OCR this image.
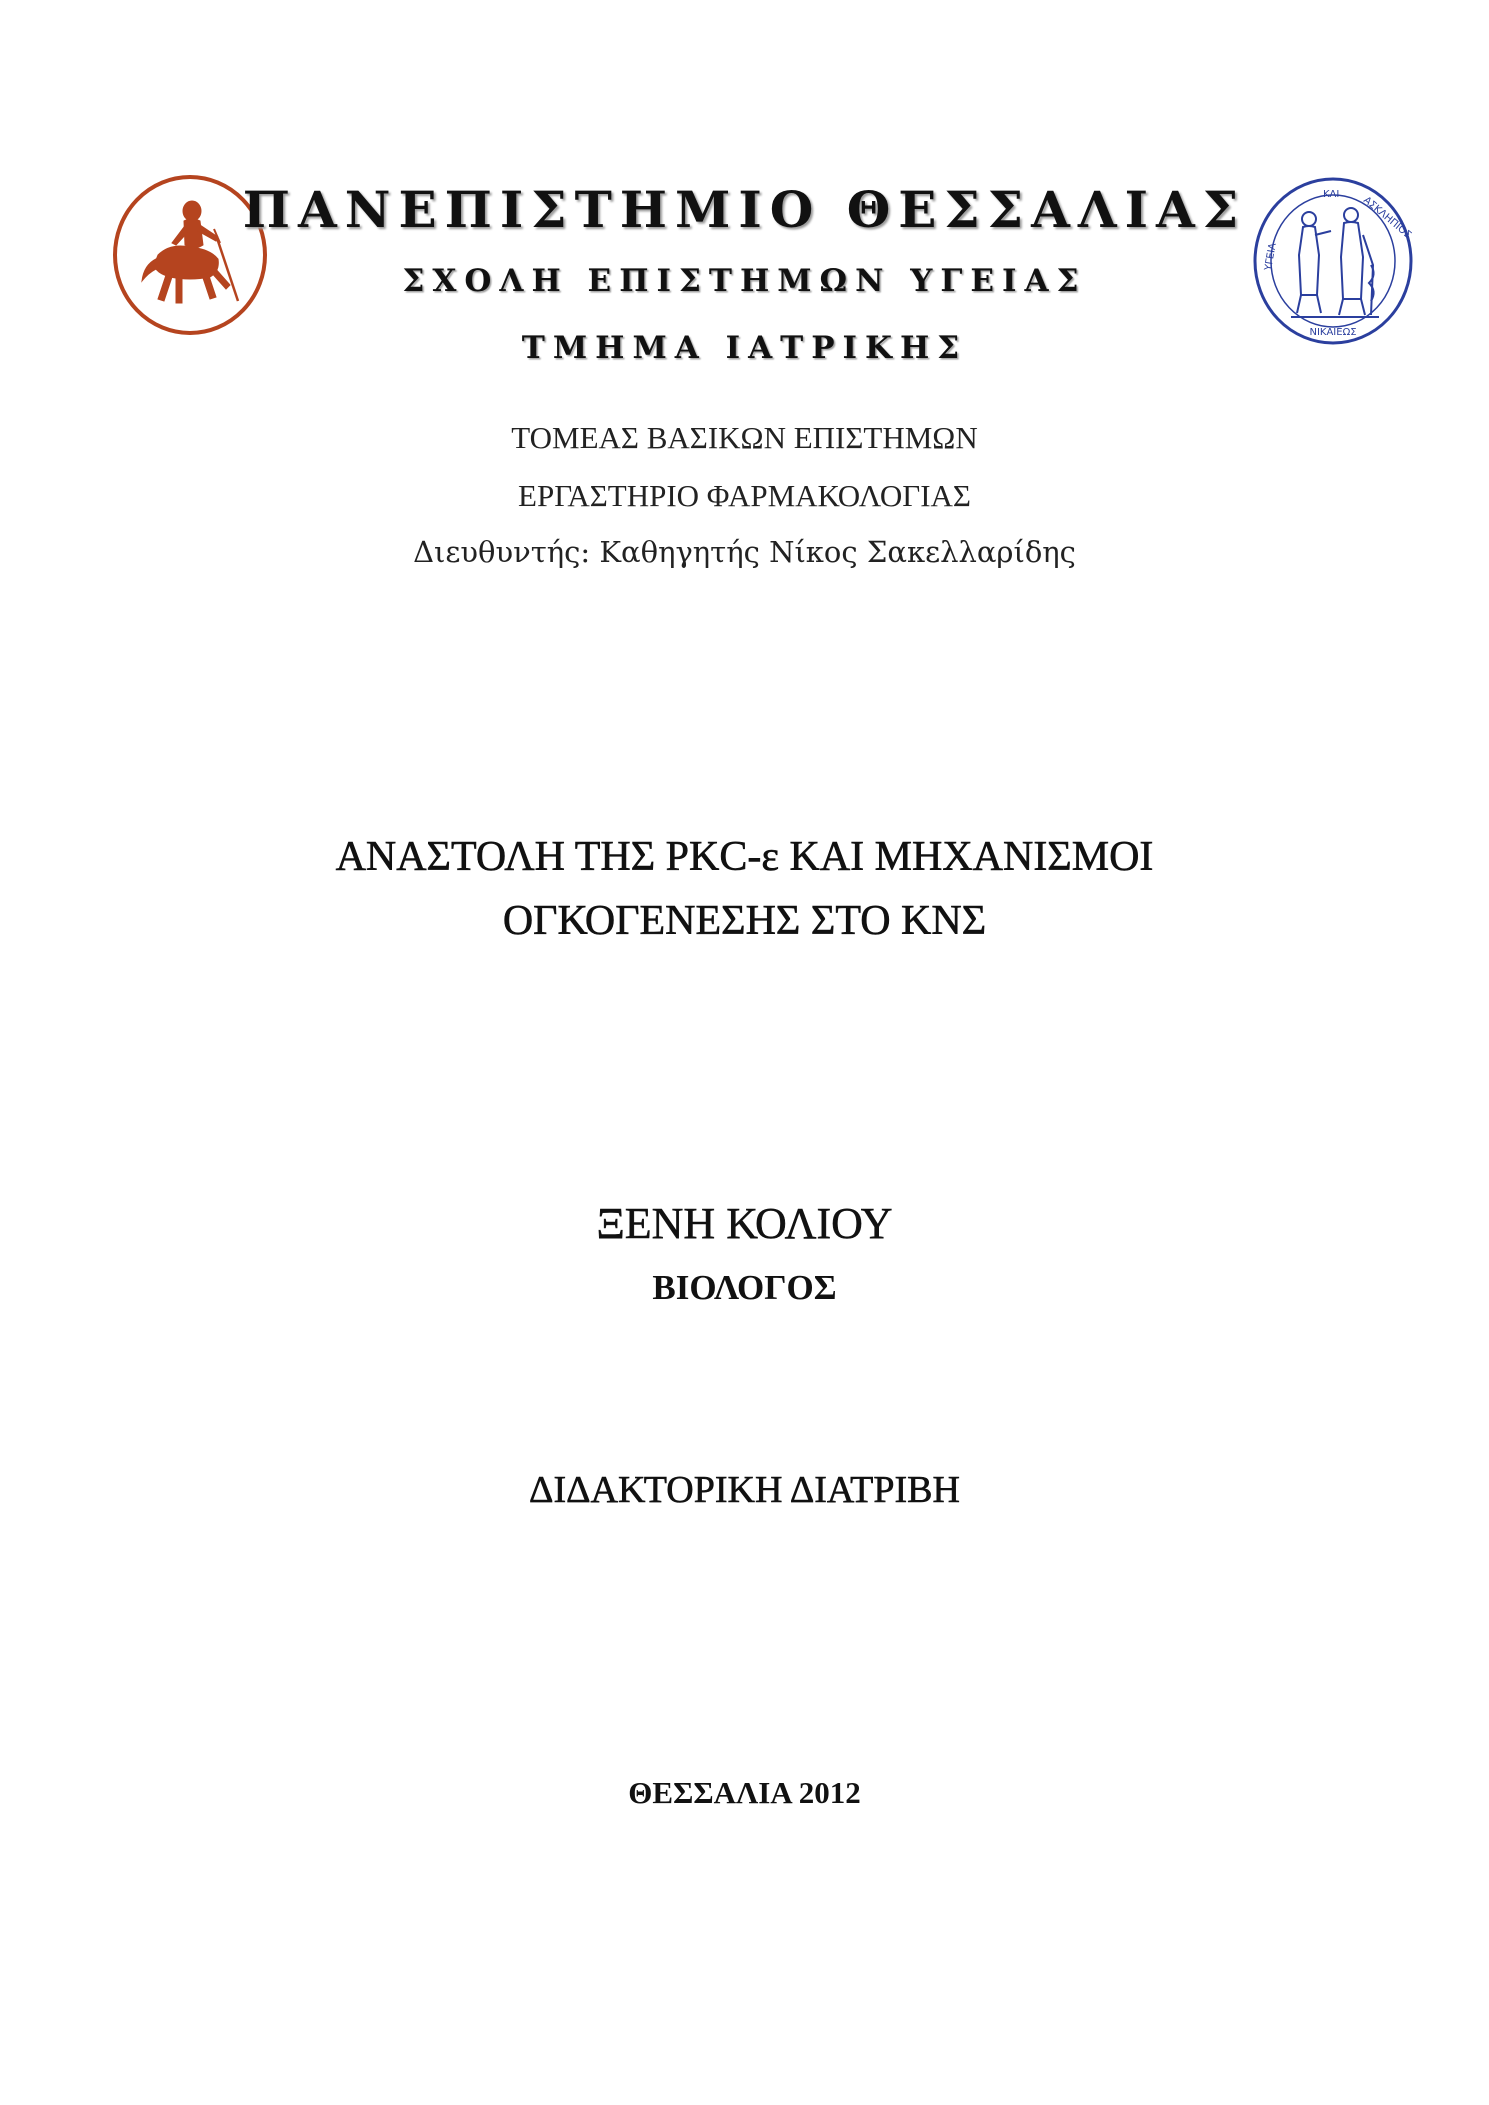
ΝΙΚΑΙΕΩΣ
ΥΓΕΙΑ
ΚΑΙ
ΑΣΚΛΗΠΙΟΣ
ΠΑΝΕΠΙΣΤΗΜΙΟ ΘΕΣΣΑΛΙΑΣ
ΣΧΟΛΗ ΕΠΙΣΤΗΜΩΝ ΥΓΕΙΑΣ
ΤΜΗΜΑ ΙΑΤΡΙΚΗΣ
ΤΟΜΕΑΣ ΒΑΣΙΚΩΝ ΕΠΙΣΤΗΜΩΝ
ΕΡΓΑΣΤΗΡΙΟ ΦΑΡΜΑΚΟΛΟΓΙΑΣ
Διευθυντής: Καθηγητής Νίκος Σακελλαρίδης
ΑΝΑΣΤΟΛΗ ΤΗΣ PKC-ε ΚΑΙ ΜΗΧΑΝΙΣΜΟΙ
ΟΓΚΟΓΕΝΕΣΗΣ ΣΤΟ ΚΝΣ
ΞΕΝΗ ΚΟΛΙΟΥ
ΒΙΟΛΟΓΟΣ
ΔΙΔΑΚΤΟΡΙΚΗ ΔΙΑΤΡΙΒΗ
ΘΕΣΣΑΛΙΑ 2012
